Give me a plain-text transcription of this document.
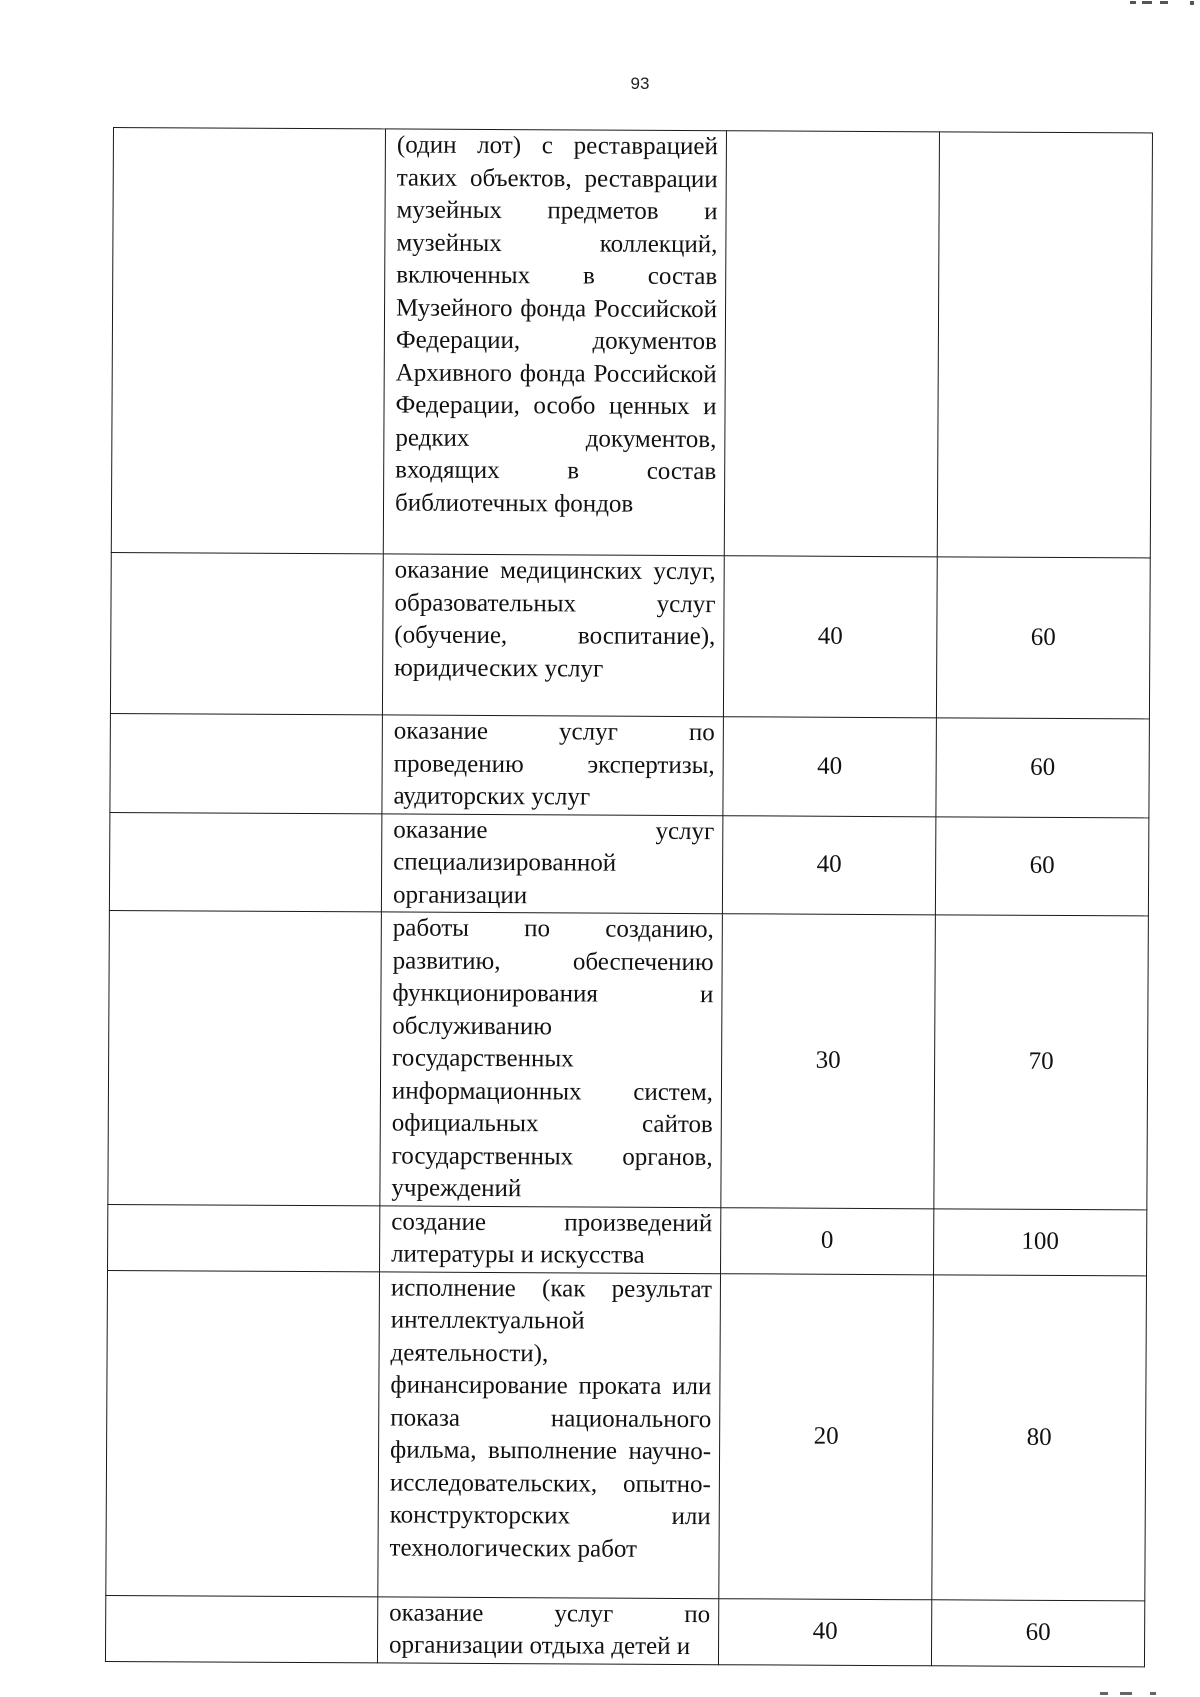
93
	(один лот) с реставрацией таких объектов, реставрации музейных предметов и музейных коллекций, включенных в состав Музейного фонда Российской Федерации, документов Архивного фонда Российской Федерации, особо ценных и редких документов, входящих в состав библиотечных фондов		
	оказание медицинских услуг, образовательных услуг (обучение, воспитание), юридических услуг	40	60
	оказание услуг по проведению экспертизы, аудиторских услуг	40	60
	оказание услуг специализированной организации	40	60
	работы по созданию, развитию, обеспечению функционирования и обслуживанию государственных информационных систем, официальных сайтов государственных органов, учреждений	30	70
	создание произведений литературы и искусства	0	100
	исполнение (как результат интеллектуальной деятельности), финансирование проката или показа национального фильма, выполнение научно-исследовательских, опытно-конструкторских или технологических работ	20	80
	оказание услуг по организации отдыха детей и	40	60
